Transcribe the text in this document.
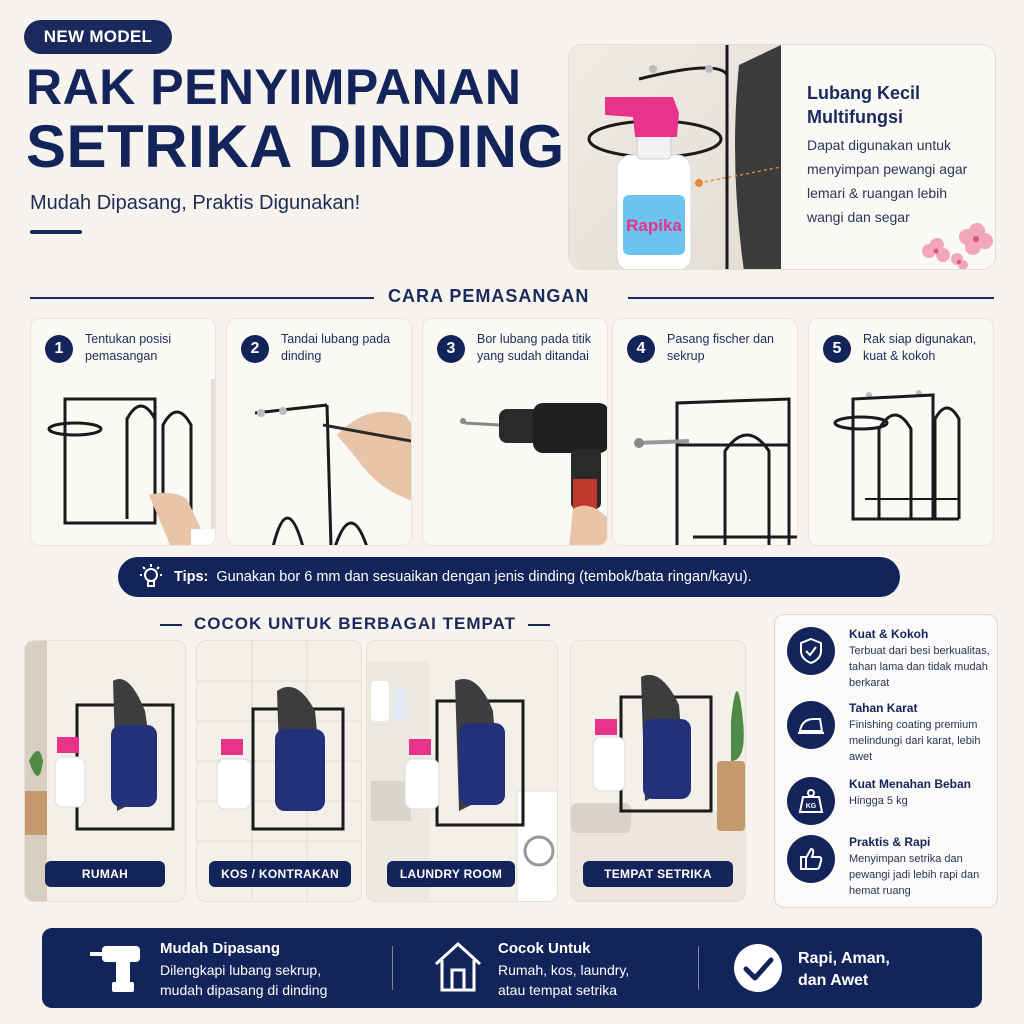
NEW MODEL
RAK PENYIMPANAN
SETRIKA DINDING
Mudah Dipasang, Praktis Digunakan!
Rapika
Lubang Kecil Multifungsi
Dapat digunakan untuk menyimpan pewangi agar lemari & ruangan lebih wangi dan segar
CARA PEMASANGAN
1
Tentukan posisi pemasangan	2
Tandai lubang pada dinding	3
Bor lubang pada titik yang sudah ditandai	4
Pasang fischer dan sekrup	5
Rak siap digunakan, kuat & kokoh
Tips: Gunakan bor 6 mm dan sesuaikan dengan jenis dinding (tembok/bata ringan/kayu).
COCOK UNTUK BERBAGAI TEMPAT
RUMAH	KOS / KONTRAKAN	LAUNDRY ROOM	TEMPAT SETRIKA
Kuat & Kokoh
Terbuat dari besi berkualitas, tahan lama dan tidak mudah berkarat
Tahan Karat
Finishing coating premium melindungi dari karat, lebih awet
KG
Kuat Menahan Beban
Hingga 5 kg
Praktis & Rapi
Menyimpan setrika dan pewangi jadi lebih rapi dan hemat ruang
Mudah Dipasang
Dilengkapi lubang sekrup,
mudah dipasang di dinding
Cocok Untuk
Rumah, kos, laundry,
atau tempat setrika
Rapi, Aman,
dan Awet
